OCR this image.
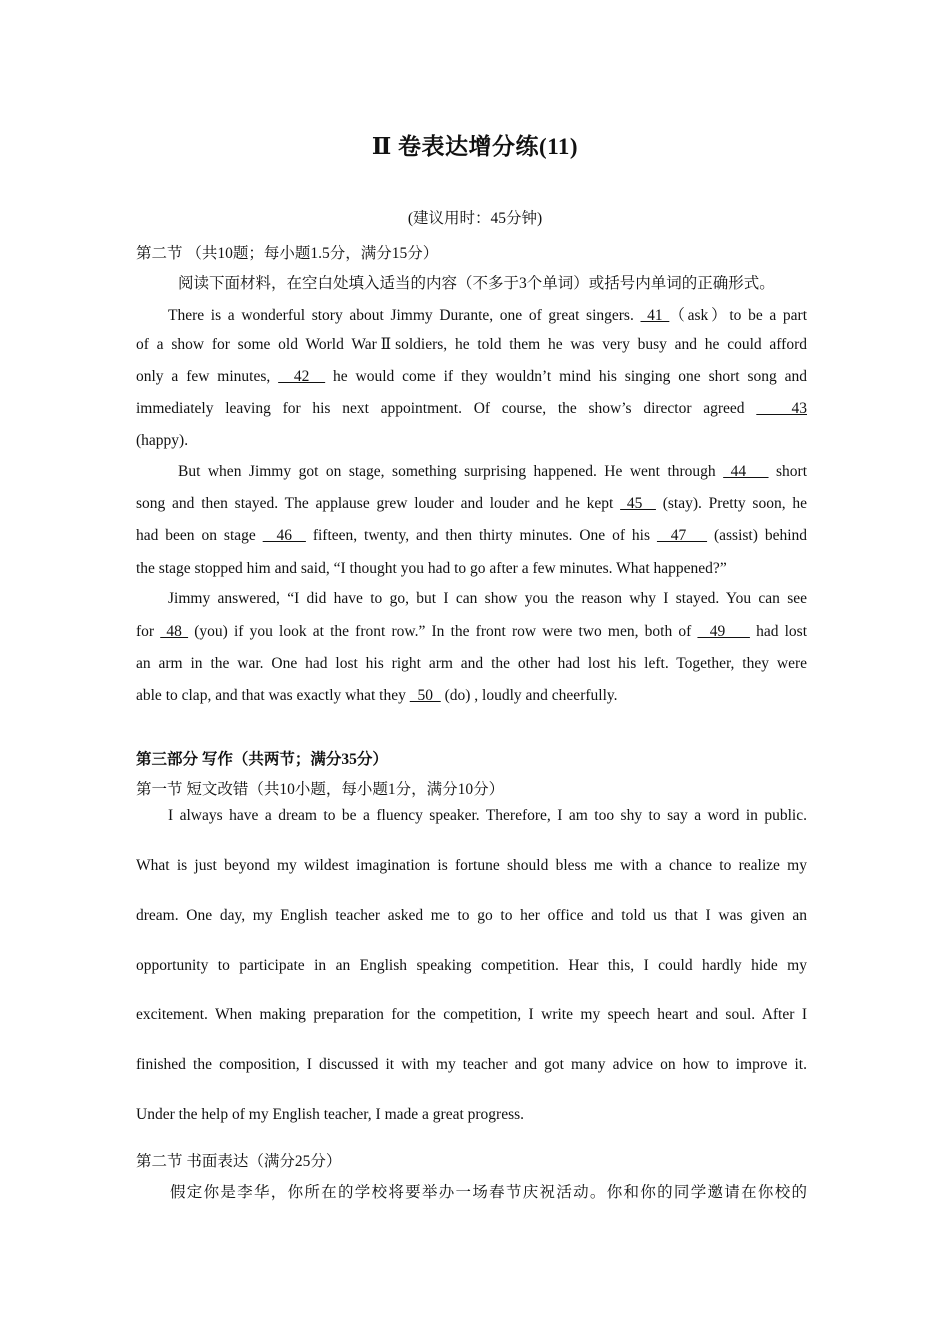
Ⅱ 卷表达增分练(11)
(建议用时：45分钟)
第二节 （共10题；每小题1.5分，满分15分）
阅读下面材料，在空白处填入适当的内容（不多于3个单词）或括号内单词的正确形式。
There is a wonderful story about Jimmy Durante, one of great singers.  41 （ask）to be a part
of a show for some old World WarⅡsoldiers, he told them he was very busy and he could afford
only a few minutes,   42   he would come if they wouldn’t mind his singing one short song and
immediately leaving for his next appointment. Of course, the show’s director agreed    43
(happy).
But when Jimmy got on stage, something surprising happened. He went through  44    short
song and then stayed. The applause grew louder and louder and he kept  45   (stay). Pretty soon, he
had been on stage   46   fifteen, twenty, and then thirty minutes. One of his   47    (assist) behind
the stage stopped him and said, “I thought you had to go after a few minutes. What happened?”
Jimmy answered, “I did have to go, but I can show you the reason why I stayed. You can see
for  48  (you) if you look at the front row.” In the front row were two men, both of   49     had lost
an arm in the war. One had lost his right arm and the other had lost his left. Together, they were
able to clap, and that was exactly what they   50   (do) , loudly and cheerfully.
第三部分 写作（共两节；满分35分）
第一节 短文改错（共10小题，每小题1分，满分10分）
I always have a dream to be a fluency speaker. Therefore, I am too shy to say a word in public.
What is just beyond my wildest imagination is fortune should bless me with a chance to realize my
dream. One day, my English teacher asked me to go to her office and told us that I was given an
opportunity to participate in an English speaking competition. Hear this, I could hardly hide my
excitement. When making preparation for the competition, I write my speech heart and soul. After I
finished the composition, I discussed it with my teacher and got many advice on how to improve it.
Under the help of my English teacher, I made a great progress.
第二节 书面表达（满分25分）
假定你是李华，你所在的学校将要举办一场春节庆祝活动。你和你的同学邀请在你校的
